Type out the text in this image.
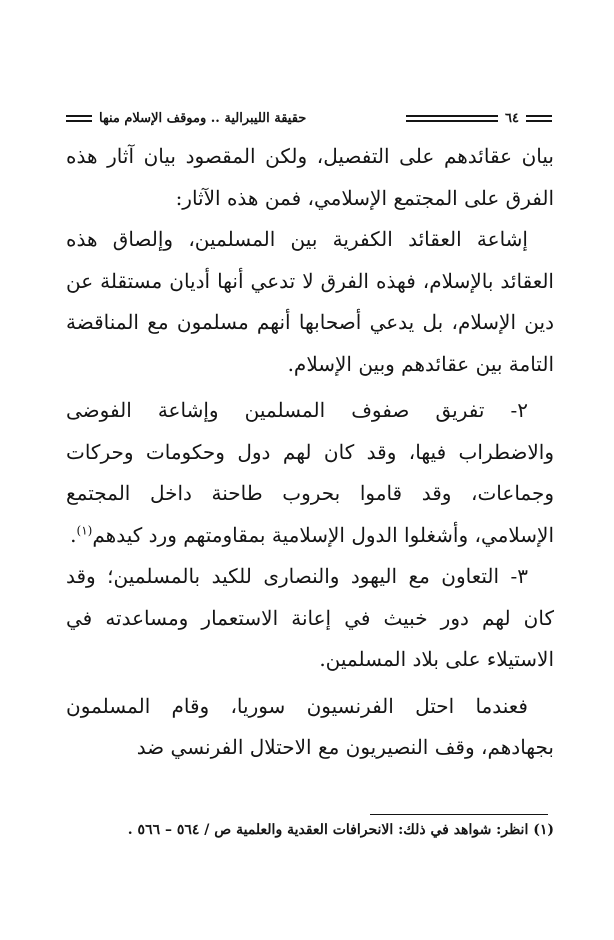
٦٤
حقيقة الليبرالية .. وموقف الإسلام منها

بيان عقائدهم على التفصيل، ولكن المقصود بيان آثار هذه الفرق على المجتمع الإسلامي، فمن هذه الآثار:

إشاعة العقائد الكفرية بين المسلمين، وإلصاق هذه العقائد بالإسلام، فهذه الفرق لا تدعي أنها أديان مستقلة عن دين الإسلام، بل يدعي أصحابها أنهم مسلمون مع المناقضة التامة بين عقائدهم وبين الإسلام.

٢- تفريق صفوف المسلمين وإشاعة الفوضى والاضطراب فيها، وقد كان لهم دول وحكومات وحركات وجماعات، وقد قاموا بحروب طاحنة داخل المجتمع الإسلامي، وأشغلوا الدول الإسلامية بمقاومتهم ورد كيدهم$^{(١)}$.

٣- التعاون مع اليهود والنصارى للكيد بالمسلمين؛ وقد كان لهم دور خبيث في إعانة الاستعمار ومساعدته في الاستيلاء على بلاد المسلمين.

فعندما احتل الفرنسيون سوريا، وقام المسلمون بجهادهم، وقف النصيريون مع الاحتلال الفرنسي ضد

(١) انظر: شواهد في ذلك: الانحرافات العقدية والعلمية ص / ٥٦٤ – ٥٦٦ .
